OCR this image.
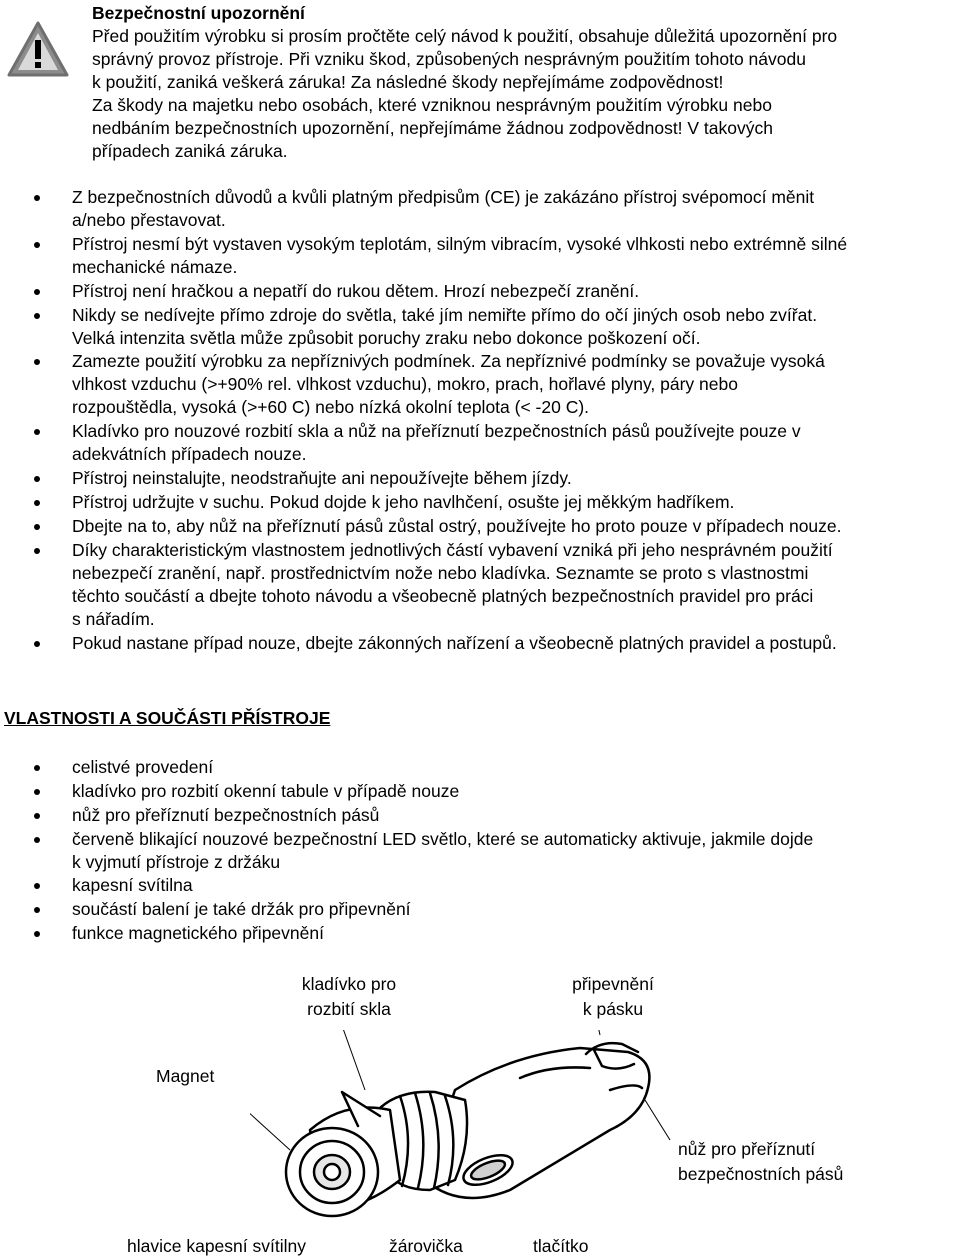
Bezpečnostní upozornění
Před použitím výrobku si prosím pročtěte celý návod k použití, obsahuje důležitá upozornění pro
správný provoz přístroje. Při vzniku škod, způsobených nesprávným použitím tohoto návodu
k použití, zaniká veškerá záruka! Za následné škody nepřejímáme zodpovědnost!
Za škody na majetku nebo osobách, které vzniknou nesprávným použitím výrobku nebo
nedbáním bezpečnostních upozornění, nepřejímáme žádnou zodpovědnost! V takových
případech zaniká záruka.
Z bezpečnostních důvodů a kvůli platným předpisům (CE) je zakázáno přístroj svépomocí měnit
a/nebo přestavovat.
Přístroj nesmí být vystaven vysokým teplotám, silným vibracím, vysoké vlhkosti nebo extrémně silné
mechanické námaze.
Přístroj není hračkou a nepatří do rukou dětem. Hrozí nebezpečí zranění.
Nikdy se nedívejte přímo zdroje do světla, také jím nemiřte přímo do očí jiných osob nebo zvířat.
Velká intenzita světla může způsobit poruchy zraku nebo dokonce poškození očí.
Zamezte použití výrobku za nepříznivých podmínek. Za nepříznivé podmínky se považuje vysoká
vlhkost vzduchu (>+90% rel. vlhkost vzduchu), mokro, prach, hořlavé plyny, páry nebo
rozpouštědla, vysoká (>+60 C) nebo nízká okolní teplota (< -20 C).
Kladívko pro nouzové rozbití skla a nůž na přeříznutí bezpečnostních pásů používejte pouze v
adekvátních případech nouze.
Přístroj neinstalujte, neodstraňujte ani nepoužívejte během jízdy.
Přístroj udržujte v suchu. Pokud dojde k jeho navlhčení, osušte jej měkkým hadříkem.
Dbejte na to, aby nůž na přeříznutí pásů zůstal ostrý, používejte ho proto pouze v případech nouze.
Díky charakteristickým vlastnostem jednotlivých částí vybavení vzniká při jeho nesprávném použití
nebezpečí zranění, např. prostřednictvím nože nebo kladívka. Seznamte se proto s vlastnostmi
těchto součástí a dbejte tohoto návodu a všeobecně platných bezpečnostních pravidel pro práci
s nářadím.
Pokud nastane případ nouze, dbejte zákonných nařízení a všeobecně platných pravidel a postupů.
VLASTNOSTI A SOUČÁSTI PŘÍSTROJE
celistvé provedení
kladívko pro rozbití okenní tabule v případě nouze
nůž pro přeříznutí bezpečnostních pásů
červeně blikající nouzové bezpečnostní LED světlo, které se automaticky aktivuje, jakmile dojde
k vyjmutí přístroje z držáku
kapesní svítilna
součástí balení je také držák pro připevnění
funkce magnetického připevnění
kladívko pro
rozbití skla
připevnění
k pásku
Magnet
nůž pro přeříznutí
bezpečnostních pásů
hlavice kapesní svítilny	žárovička	tlačítko
